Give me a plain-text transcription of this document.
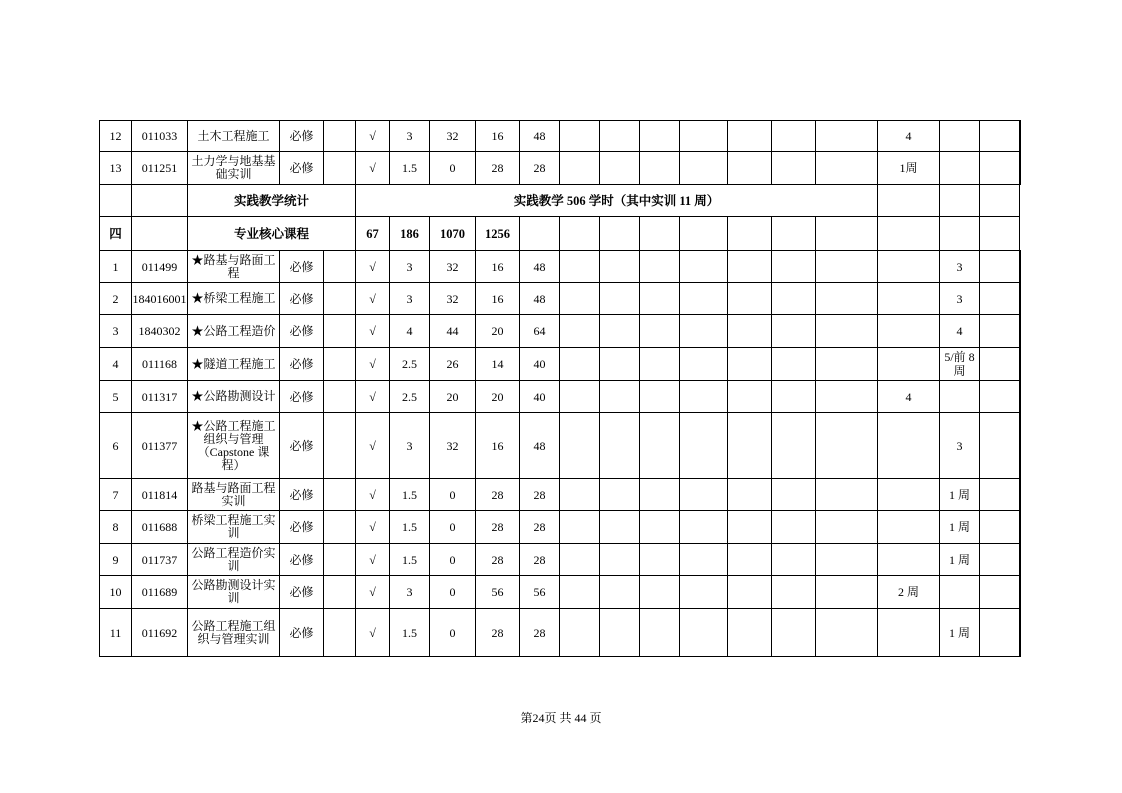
12	011033	土木工程施工	必修		√	3	32	16	48								4			
13	011251	土力学与地基基础实训	必修		√	1.5	0	28	28								1周			
		实践教学统计			实践教学 506 学时（其中实训 11 周）															
四		专业核心课程			67	186	1070	1256												
1	011499	★路基与路面工程	必修		√	3	32	16	48									3		
2	184016001	★桥梁工程施工	必修		√	3	32	16	48									3		
3	1840302	★公路工程造价	必修		√	4	44	20	64									4		
4	011168	★隧道工程施工	必修		√	2.5	26	14	40									5/前 8 周		
5	011317	★公路勘测设计	必修		√	2.5	20	20	40								4			
6	011377	★公路工程施工组织与管理（Capstone 课程）	必修		√	3	32	16	48									3		
7	011814	路基与路面工程实训	必修		√	1.5	0	28	28									1 周		
8	011688	桥梁工程施工实训	必修		√	1.5	0	28	28									1 周		
9	011737	公路工程造价实训	必修		√	1.5	0	28	28									1 周		
10	011689	公路勘测设计实训	必修		√	3	0	56	56								2 周			
11	011692	公路工程施工组织与管理实训	必修		√	1.5	0	28	28									1 周		
第24页 共 44 页
